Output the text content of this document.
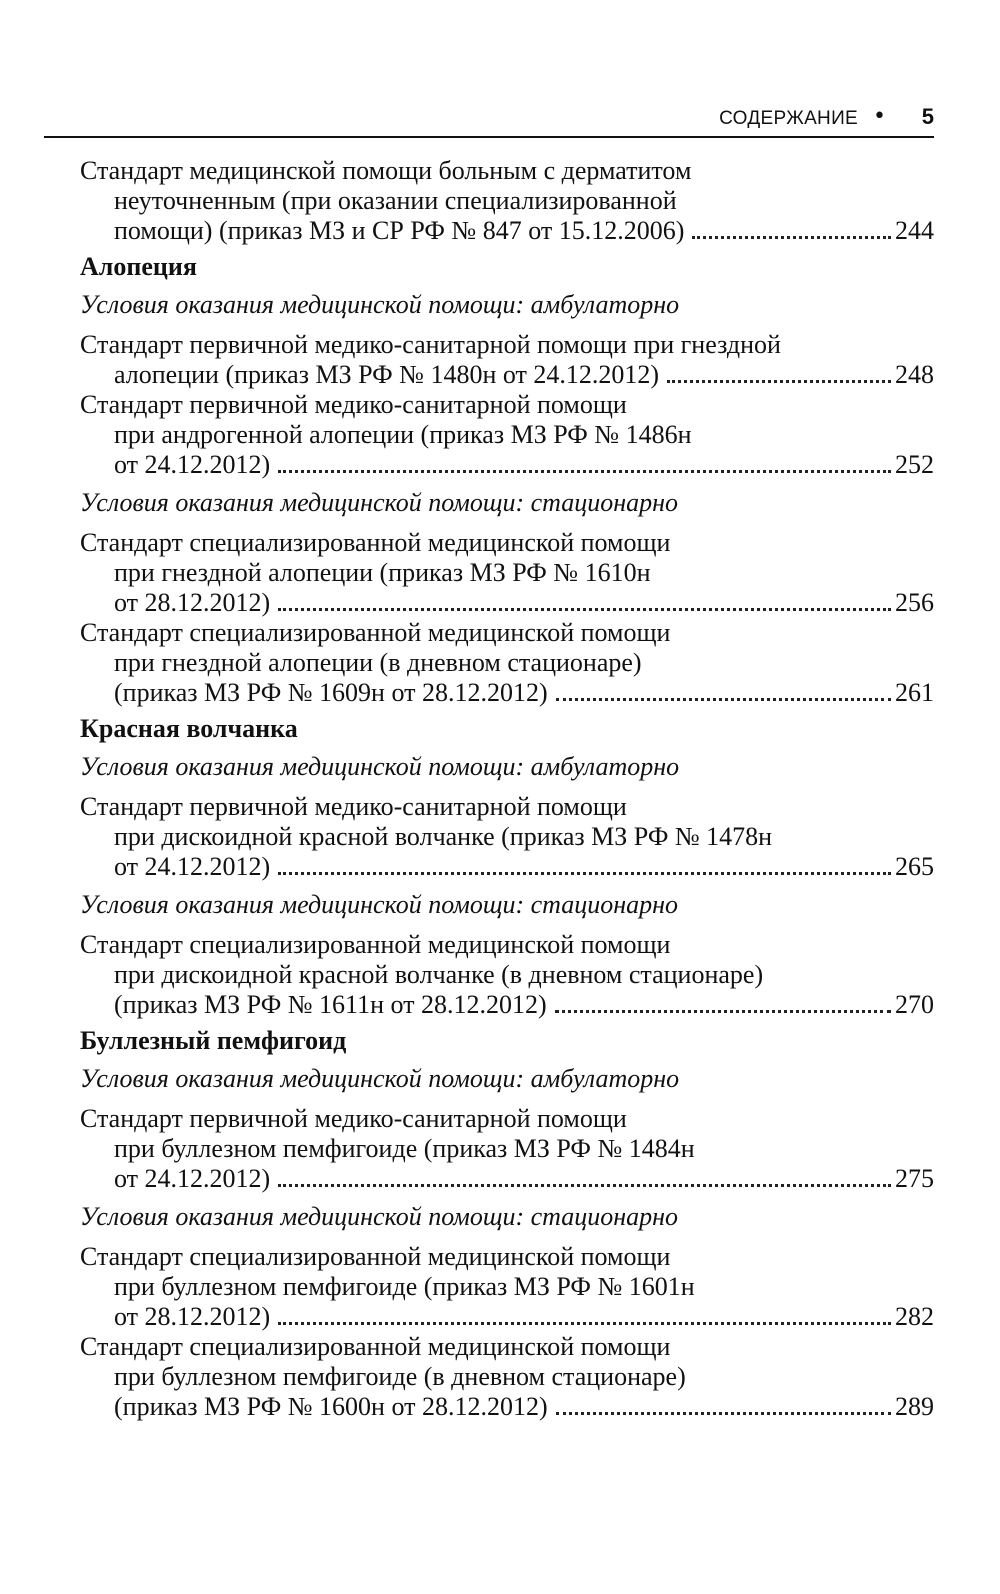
СОДЕРЖАНИЕ • 5
Стандарт медицинской помощи больным с дерматитом
неуточненным (при оказании специализированной
помощи) (приказ МЗ и СР РФ № 847 от 15.12.2006)	244
Алопеция
Условия оказания медицинской помощи: амбулаторно
Стандарт первичной медико-санитарной помощи при гнездной
алопеции (приказ МЗ РФ № 1480н от 24.12.2012)	248
Стандарт первичной медико-санитарной помощи
при андрогенной алопеции (приказ МЗ РФ № 1486н
от 24.12.2012)	252
Условия оказания медицинской помощи: стационарно
Стандарт специализированной медицинской помощи
при гнездной алопеции (приказ МЗ РФ № 1610н
от 28.12.2012)	256
Стандарт специализированной медицинской помощи
при гнездной алопеции (в дневном стационаре)
(приказ МЗ РФ № 1609н от 28.12.2012)	261
Красная волчанка
Условия оказания медицинской помощи: амбулаторно
Стандарт первичной медико-санитарной помощи
при дискоидной красной волчанке (приказ МЗ РФ № 1478н
от 24.12.2012)	265
Условия оказания медицинской помощи: стационарно
Стандарт специализированной медицинской помощи
при дискоидной красной волчанке (в дневном стационаре)
(приказ МЗ РФ № 1611н от 28.12.2012)	270
Буллезный пемфигоид
Условия оказания медицинской помощи: амбулаторно
Стандарт первичной медико-санитарной помощи
при буллезном пемфигоиде (приказ МЗ РФ № 1484н
от 24.12.2012)	275
Условия оказания медицинской помощи: стационарно
Стандарт специализированной медицинской помощи
при буллезном пемфигоиде (приказ МЗ РФ № 1601н
от 28.12.2012)	282
Стандарт специализированной медицинской помощи
при буллезном пемфигоиде (в дневном стационаре)
(приказ МЗ РФ № 1600н от 28.12.2012)	289
